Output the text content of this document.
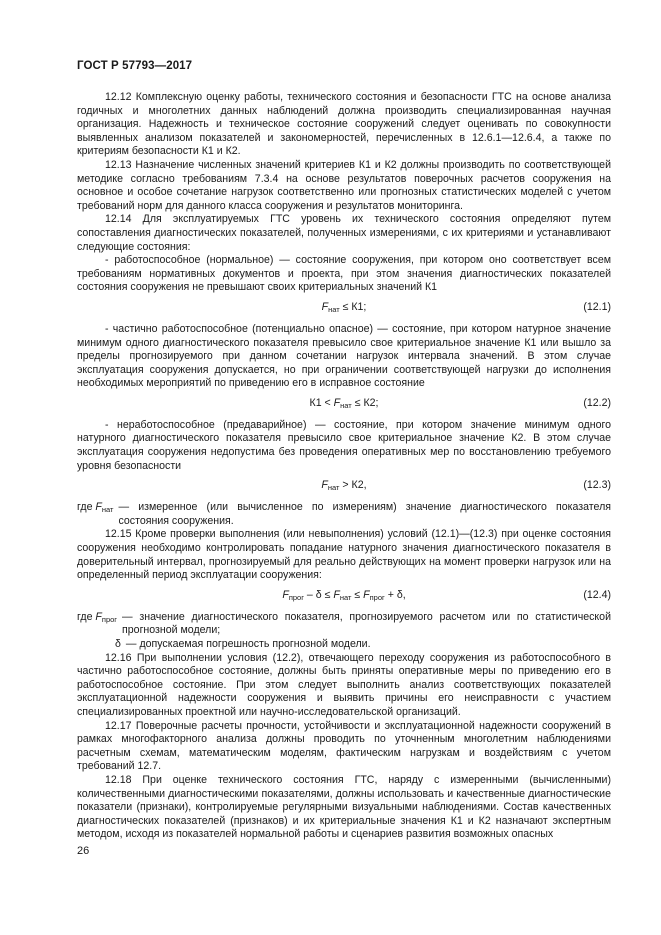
ГОСТ Р 57793—2017

12.12 Комплексную оценку работы, технического состояния и безопасности ГТС на основе анализа годичных и многолетних данных наблюдений должна производить специализированная научная организация. Надежность и техническое состояние сооружений следует оценивать по совокупности выявленных анализом показателей и закономерностей, перечисленных в 12.6.1—12.6.4, а также по критериям безопасности К1 и К2.

12.13 Назначение численных значений критериев К1 и К2 должны производить по соответствующей методике согласно требованиям 7.3.4 на основе результатов поверочных расчетов сооружения на основное и особое сочетание нагрузок соответственно или прогнозных статистических моделей с учетом требований норм для данного класса сооружения и результатов мониторинга.

12.14 Для эксплуатируемых ГТС уровень их технического состояния определяют путем сопоставления диагностических показателей, полученных измерениями, с их критериями и устанавливают следующие состояния:

- работоспособное (нормальное) — состояние сооружения, при котором оно соответствует всем требованиям нормативных документов и проекта, при этом значения диагностических показателей состояния сооружения не превышают своих критериальных значений К1

$F_{нат} \le К1$;	(12.1)

- частично работоспособное (потенциально опасное) — состояние, при котором натурное значение минимум одного диагностического показателя превысило свое критериальное значение К1 или вышло за пределы прогнозируемого при данном сочетании нагрузок интервала значений. В этом случае эксплуатация сооружения допускается, но при ограничении соответствующей нагрузки до исполнения необходимых мероприятий по приведению его в исправное состояние

$К1 < F_{нат} \le К2$;	(12.2)

- неработоспособное (предаварийное) — состояние, при котором значение минимум одного натурного диагностического показателя превысило свое критериальное значение К2. В этом случае эксплуатация сооружения недопустима без проведения оперативных мер по восстановлению требуемого уровня безопасности

$F_{нат} > К2$,	(12.3)
где $F_{нат}$ — измеренное (или вычисленное по измерениям) значение диагностического показателя состояния сооружения.

12.15 Кроме проверки выполнения (или невыполнения) условий (12.1)—(12.3) при оценке состояния сооружения необходимо контролировать попадание натурного значения диагностического показателя в доверительный интервал, прогнозируемый для реально действующих на момент проверки нагрузок или на определенный период эксплуатации сооружения:

$F_{прог} - \delta \le F_{нат} \le F_{прог} + \delta$,	(12.4)
где $F_{прог}$ — значение диагностического показателя, прогнозируемого расчетом или по статистической прогнозной модели;
δ — допускаемая погрешность прогнозной модели.

12.16 При выполнении условия (12.2), отвечающего переходу сооружения из работоспособного в частично работоспособное состояние, должны быть приняты оперативные меры по приведению его в работоспособное состояние. При этом следует выполнить анализ соответствующих показателей эксплуатационной надежности сооружения и выявить причины его неисправности с участием специализированных проектной или научно-исследовательской организаций.

12.17 Поверочные расчеты прочности, устойчивости и эксплуатационной надежности сооружений в рамках многофакторного анализа должны проводить по уточненным многолетним наблюдениями расчетным схемам, математическим моделям, фактическим нагрузкам и воздействиям с учетом требований 12.7.

12.18 При оценке технического состояния ГТС, наряду с измеренными (вычисленными) количественными диагностическими показателями, должны использовать и качественные диагностические показатели (признаки), контролируемые регулярными визуальными наблюдениями. Состав качественных диагностических показателей (признаков) и их критериальные значения К1 и К2 назначают экспертным методом, исходя из показателей нормальной работы и сценариев развития возможных опасных

26
